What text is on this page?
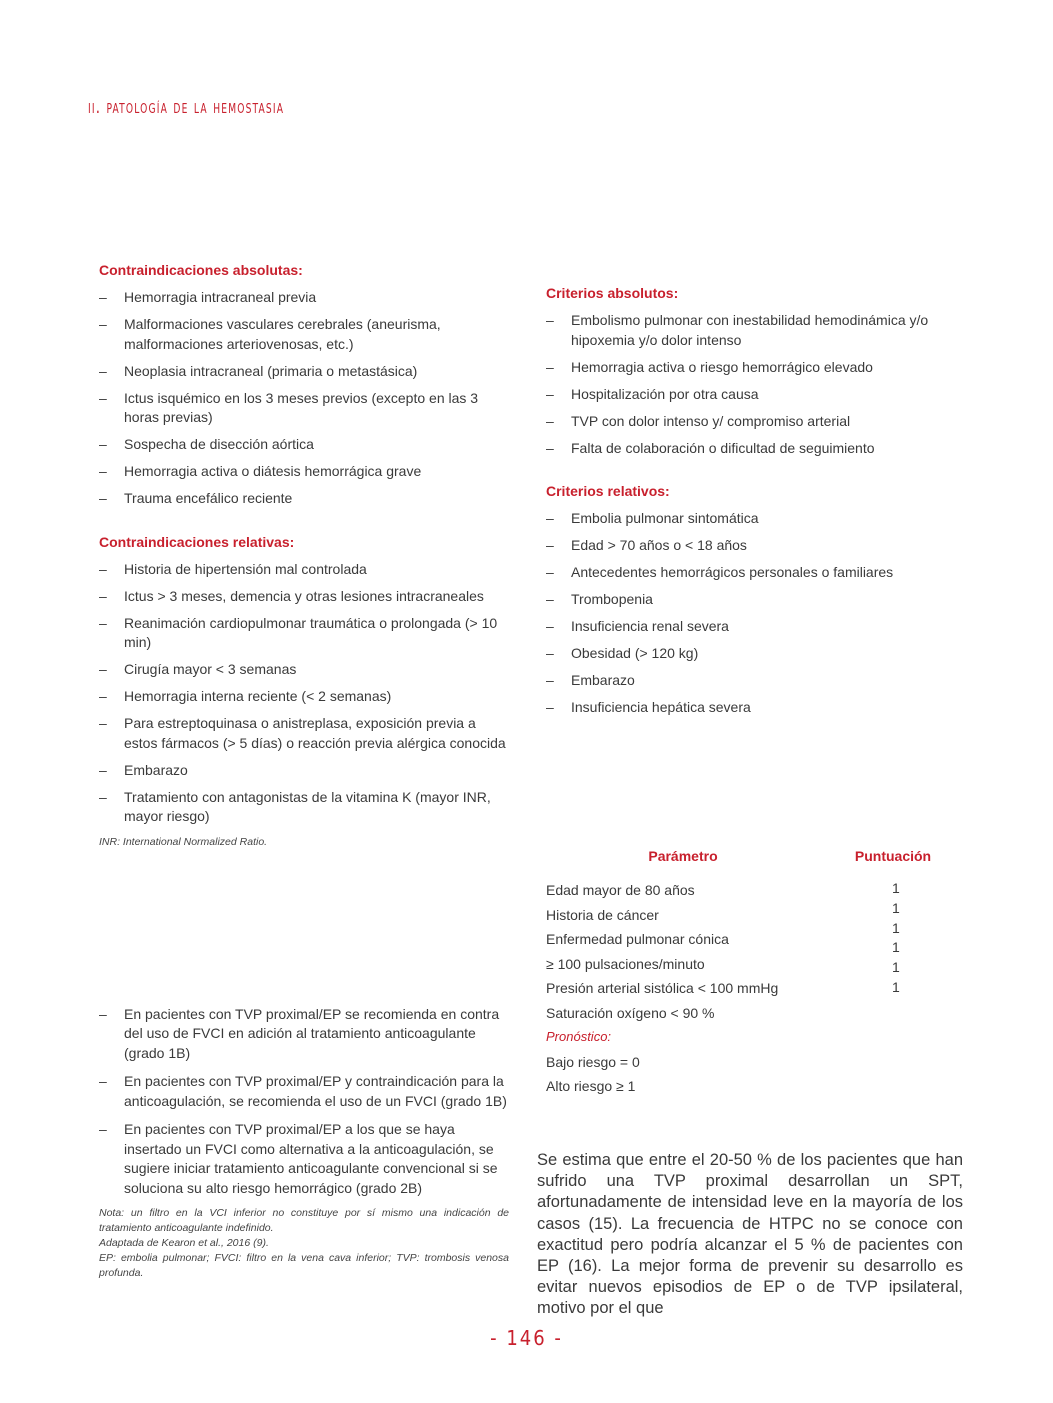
ii. patología de la hemostasia

Contraindicaciones absolutas:

– Hemorragia intracraneal previa
– Malformaciones vasculares cerebrales (aneurisma, malformaciones arteriovenosas, etc.)
– Neoplasia intracraneal (primaria o metastásica)
– Ictus isquémico en los 3 meses previos (excepto en las 3 horas previas)
– Sospecha de disección aórtica
– Hemorragia activa o diátesis hemorrágica grave
– Trauma encefálico reciente

Contraindicaciones relativas:

– Historia de hipertensión mal controlada
– Ictus > 3 meses, demencia y otras lesiones intracraneales
– Reanimación cardiopulmonar traumática o prolongada (> 10 min)
– Cirugía mayor < 3 semanas
– Hemorragia interna reciente (< 2 semanas)
– Para estreptoquinasa o anistreplasa, exposición previa a estos fármacos (> 5 días) o reacción previa alérgica conocida
– Embarazo
– Tratamiento con antagonistas de la vitamina K (mayor INR, mayor riesgo)
INR: International Normalized Ratio.

Criterios absolutos:

– Embolismo pulmonar con inestabilidad hemodinámica y/o hipoxemia y/o dolor intenso
– Hemorragia activa o riesgo hemorrágico elevado
– Hospitalización por otra causa
– TVP con dolor intenso y/ compromiso arterial
– Falta de colaboración o dificultad de seguimiento

Criterios relativos:

– Embolia pulmonar sintomática
– Edad > 70 años o < 18 años
– Antecedentes hemorrágicos personales o familiares
– Trombopenia
– Insuficiencia renal severa
– Obesidad (> 120 kg)
– Embarazo
– Insuficiencia hepática severa
– En pacientes con TVP proximal/EP se recomienda en contra del uso de FVCI en adición al tratamiento anticoagulante (grado 1B)
– En pacientes con TVP proximal/EP y contraindicación para la anticoagulación, se recomienda el uso de un FVCI (grado 1B)
– En pacientes con TVP proximal/EP a los que se haya insertado un FVCI como alternativa a la anticoagulación, se sugiere iniciar tratamiento anticoagulante convencional si se soluciona su alto riesgo hemorrágico (grado 2B)
Nota: un filtro en la VCI inferior no constituye por sí mismo una indicación de tratamiento anticoagulante indefinido.
Adaptada de Kearon et al., 2016 (9).
EP: embolia pulmonar; FVCI: filtro en la vena cava inferior; TVP: trombosis venosa profunda.
Parámetro	Puntuación
Edad mayor de 80 años
Historia de cáncer
Enfermedad pulmonar cónica
≥ 100 pulsaciones/minuto
Presión arterial sistólica < 100 mmHg
Saturación oxígeno < 90 %
Pronóstico:
Bajo riesgo = 0
Alto riesgo ≥ 1
1
1
1
1
1
1
Se estima que entre el 20-50 % de los pacientes que han sufrido una TVP proximal desarrollan un SPT, afortunadamente de intensidad leve en la mayoría de los casos (15). La frecuencia de HTPC no se conoce con exactitud pero podría alcanzar el 5 % de pacientes con EP (16). La mejor forma de prevenir su desarrollo es evitar nuevos episodios de EP o de TVP ipsilateral, motivo por el que
- 146 -
